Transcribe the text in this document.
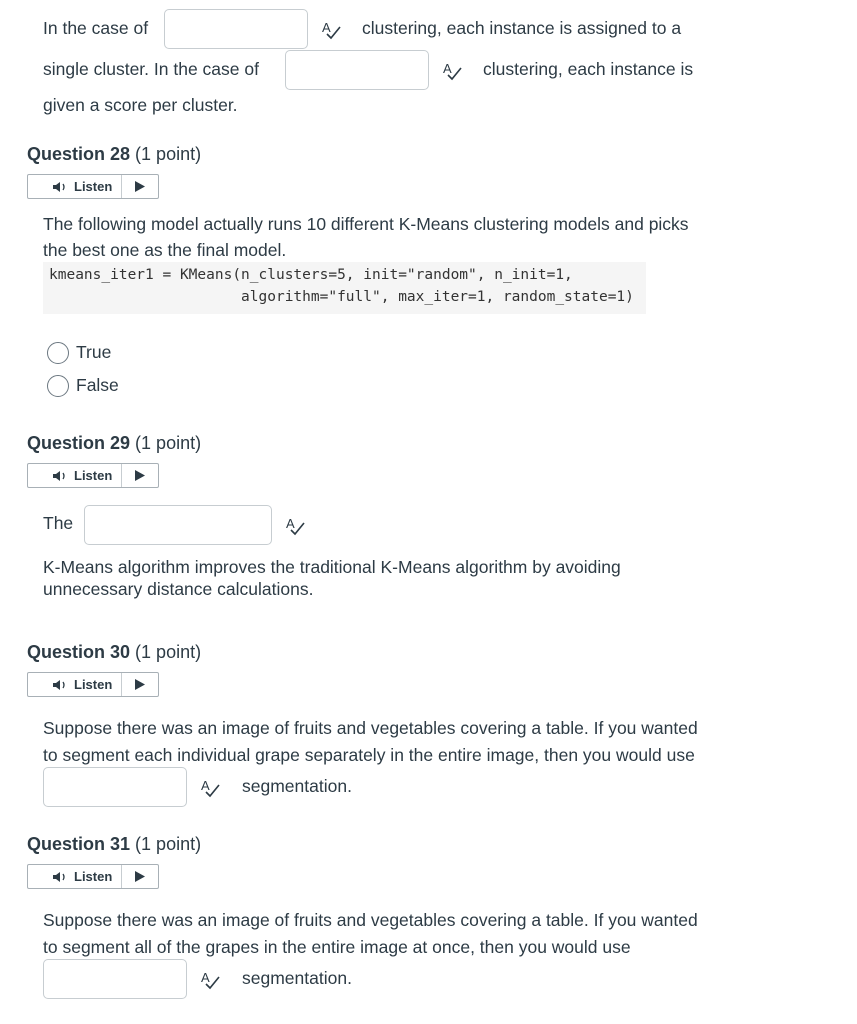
In the case of	A clustering, each instance is assigned to a
single cluster. In the case of	A clustering, each instance is
given a score per cluster.
Question 28 (1 point)
Listen
The following model actually runs 10 different K-Means clustering models and picks
the best one as the final model.
kmeans_iter1 = KMeans(n_clusters=5, init="random", n_init=1,
algorithm="full", max_iter=1, random_state=1)
True
False
Question 29 (1 point)
Listen
The	A
K-Means algorithm improves the traditional K-Means algorithm by avoiding
unnecessary distance calculations.
Question 30 (1 point)
Listen
Suppose there was an image of fruits and vegetables covering a table. If you wanted
to segment each individual grape separately in the entire image, then you would use
A segmentation.
Question 31 (1 point)
Listen
Suppose there was an image of fruits and vegetables covering a table. If you wanted
to segment all of the grapes in the entire image at once, then you would use
A segmentation.
